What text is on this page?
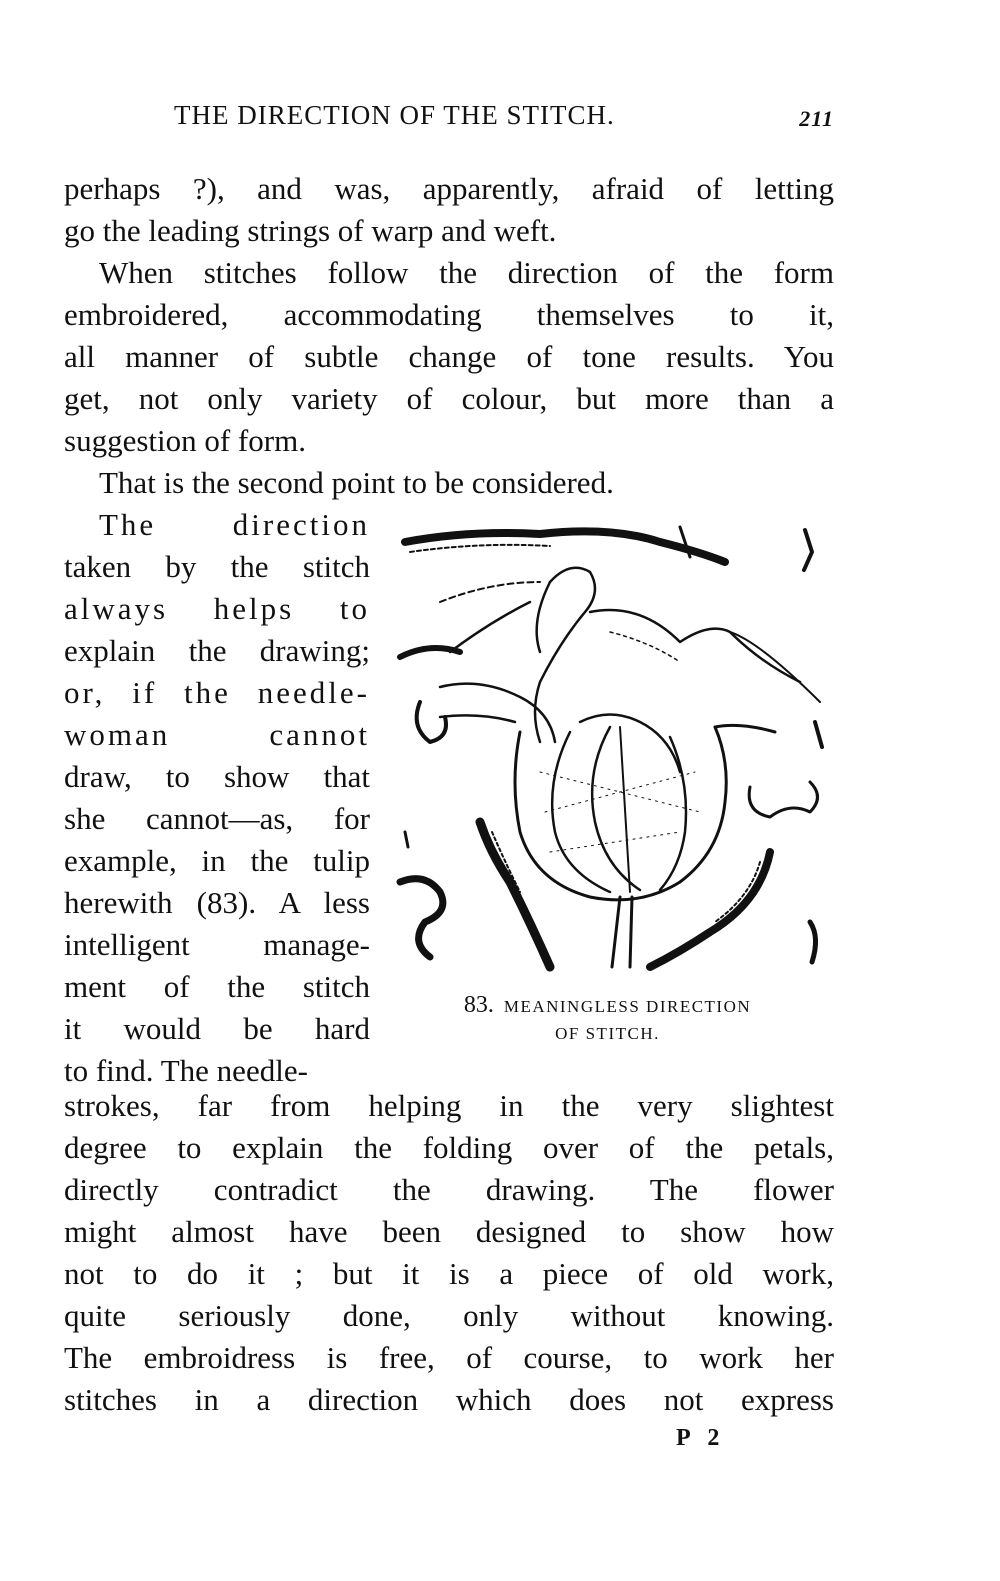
THE DIRECTION OF THE STITCH.	211
perhaps ?), and was, apparently, afraid of letting
go the leading strings of warp and weft.
When stitches follow the direction of the form
embroidered, accommodating themselves to it,
all manner of subtle change of tone results. You
get, not only variety of colour, but more than a
suggestion of form.
That is the second point to be considered.
The direction
taken by the stitch
always helps to
explain the drawing;
or, if the needle-
woman cannot
draw, to show that
she cannot—as, for
example, in the tulip
herewith (83). A less
intelligent manage-
ment of the stitch
it would be hard
to find. The needle-
83. MEANINGLESS DIRECTION
OF STITCH.
strokes, far from helping in the very slightest
degree to explain the folding over of the petals,
directly contradict the drawing. The flower
might almost have been designed to show how
not to do it ; but it is a piece of old work,
quite seriously done, only without knowing.
The embroidress is free, of course, to work her
stitches in a direction which does not express
P 2
